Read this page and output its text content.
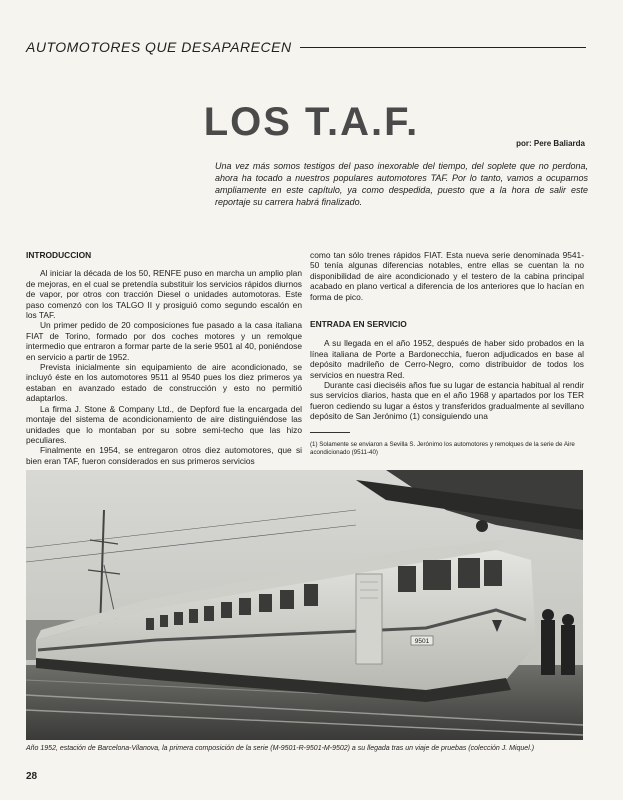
AUTOMOTORES QUE DESAPARECEN
LOS T.A.F.	por: Pere Baliarda
Una vez más somos testigos del paso inexorable del tiempo, del soplete que no perdona, ahora ha tocado a nuestros populares automotores TAF. Por lo tanto, vamos a ocuparnos ampliamente en este capítulo, ya como despedida, puesto que a la hora de salir este reportaje su carrera habrá finalizado.

INTRODUCCION

Al iniciar la década de los 50, RENFE puso en marcha un amplio plan de mejoras, en el cual se pretendía substituir los servicios rápidos diurnos de vapor, por otros con tracción Diesel o unidades automotoras. Este paso comenzó con los TALGO II y prosiguió como segundo escalón en los TAF.

Un primer pedido de 20 composiciones fue pasado a la casa italiana FIAT de Torino, formado por dos coches motores y un remolque intermedio que entraron a formar parte de la serie 9501 al 40, poniéndose en servicio a partir de 1952.

Prevista inicialmente sin equipamiento de aire acondicionado, se incluyó éste en los automotores 9511 al 9540 pues los diez primeros ya estaban en avanzado estado de construcción y esto no permitió adaptarlos.

La firma J. Stone & Company Ltd., de Depford fue la encargada del montaje del sistema de acondicionamiento de aire distinguiéndose las unidades que lo montaban por su sobre semi-techo que las hizo peculiares.

Finalmente en 1954, se entregaron otros diez automotores, que si bien eran TAF, fueron considerados en sus primeros servicios

como tan sólo trenes rápidos FIAT. Esta nueva serie denominada 9541-50 tenía algunas diferencias notables, entre ellas se cuentan la no disponibilidad de aire acondicionado y el testero de la cabina principal acabado en plano vertical a diferencia de los anteriores que lo hacían en forma de pico.

ENTRADA EN SERVICIO

A su llegada en el año 1952, después de haber sido probados en la línea italiana de Porte a Bardonecchia, fueron adjudicados en base al depósito madrileño de Cerro-Negro, como distribuidor de todos los servicios en nuestra Red.

Durante casi dieciséis años fue su lugar de estancia habitual al rendir sus servicios diarios, hasta que en el año 1968 y apartados por los TER fueron cediendo su lugar a éstos y transferidos gradualmente al sevillano depósito de San Jerónimo (1) consiguiendo una

(1) Solamente se enviaron a Sevilla S. Jerónimo los automotores y remolques de la serie de Aire acondicionado (9511-40)
9501
Año 1952, estación de Barcelona-Vilanova, la primera composición de la serie (M-9501-R-9501-M-9502) a su llegada tras un viaje de pruebas (colección J. Miquel.)
28
